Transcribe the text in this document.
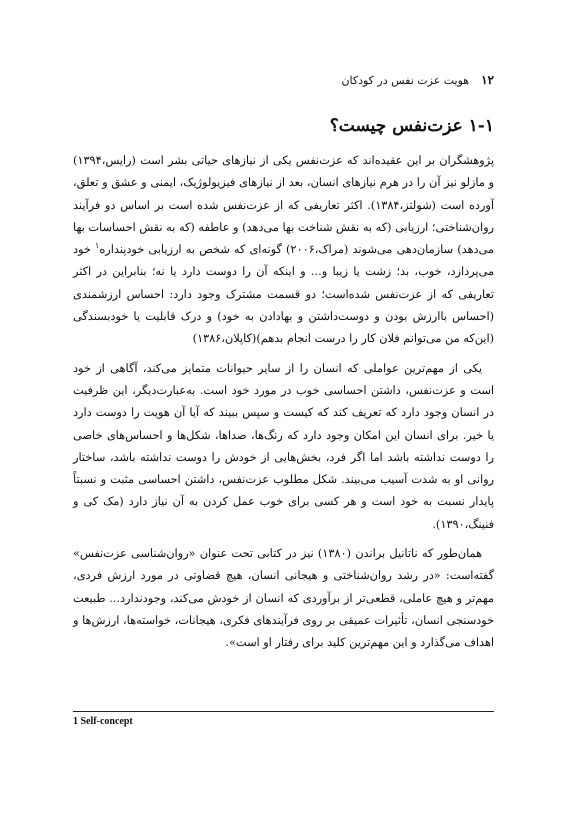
۱۲
هویت عزت نفس در کودکان
۱-۱ عزت‌نفس چیست؟

پژوهشگران بر این عقیده‌اند که عزت‌نفس یکی از نیازهای حیاتی بشر است (رایس،۱۳۹۴) و مازلو نیز آن را در هرم نیازهای انسان، بعد از نیازهای فیزیولوژیک، ایمنی و عشق و تعلق، آورده است (شولتز،۱۳۸۴). اکثر تعاریفی که از عزت‌نفس شده است بر اساس دو فرآیند روان‌شناختی؛ ارزیابی (که به نقش شناخت بها می‌دهد) و عاطفه (که به نقش احساسات بها می‌دهد) سازمان‌دهی می‌شوند (مراک،۲۰۰۶) گونه‌ای که شخص به ارزیابی خودپنداره$^۱$ خود می‌پردازد، خوب، بد؛ زشت یا زیبا و... و اینکه آن را دوست دارد یا نه؛ بنابراین در اکثر تعاریفی که از عزت‌نفس شده‌است؛ دو قسمت مشترک وجود دارد: احساس ارزشمندی (احساس باارزش بودن و دوست‌داشتن و بهادادن به خود) و درک قابلیت یا خودبسندگی (این‌که من می‌توانم فلان کار را درست انجام بدهم)(کاپلان،۱۳۸۶)

یکی از مهم‌ترین عواملی که انسان را از سایر حیوانات متمایز می‌کند، آگاهی از خود است و عزت‌نفس، داشتن احساسی خوب در مورد خود است. به‌عبارت‌دیگر، این ظرفیت در انسان وجود دارد که تعریف کند که کیست و سپس ببیند که آیا آن هویت را دوست دارد یا خیر. برای انسان این امکان وجود دارد که رنگ‌ها، صداها، شکل‌ها و احساس‌های خاصی را دوست نداشته باشد اما اگر فرد، بخش‌هایی از خودش را دوست نداشته باشد، ساختار روانی او به شدت آسیب می‌بیند. شکل مطلوب عزت‌نفس، داشتن احساسی مثبت و نسبتاً پایدار نسبت به خود است و هر کسی برای خوب عمل کردن به آن نیاز دارد (مک کی و فنینگ،۱۳۹۰).

همان‌طور که ناتانیل براندن (۱۳۸۰) نیز در کتابی تحت عنوان «روان‌شناسی عزت‌نفس» گفته‌است: «در رشد روان‌شناختی و هیجانی انسان، هیچ قضاوتی در مورد ارزش فردی، مهم‌تر و هیچ عاملی، قطعی‌تر از برآوردی که انسان از خودش می‌کند، وجودندارد... طبیعت خودسنجی انسان، تأثیرات عمیقی بر روی فرآیندهای فکری، هیجانات، خواسته‌ها، ارزش‌ها و اهداف می‌گذارد و این مهم‌ترین کلید برای رفتار او است».

1 Self-concept
